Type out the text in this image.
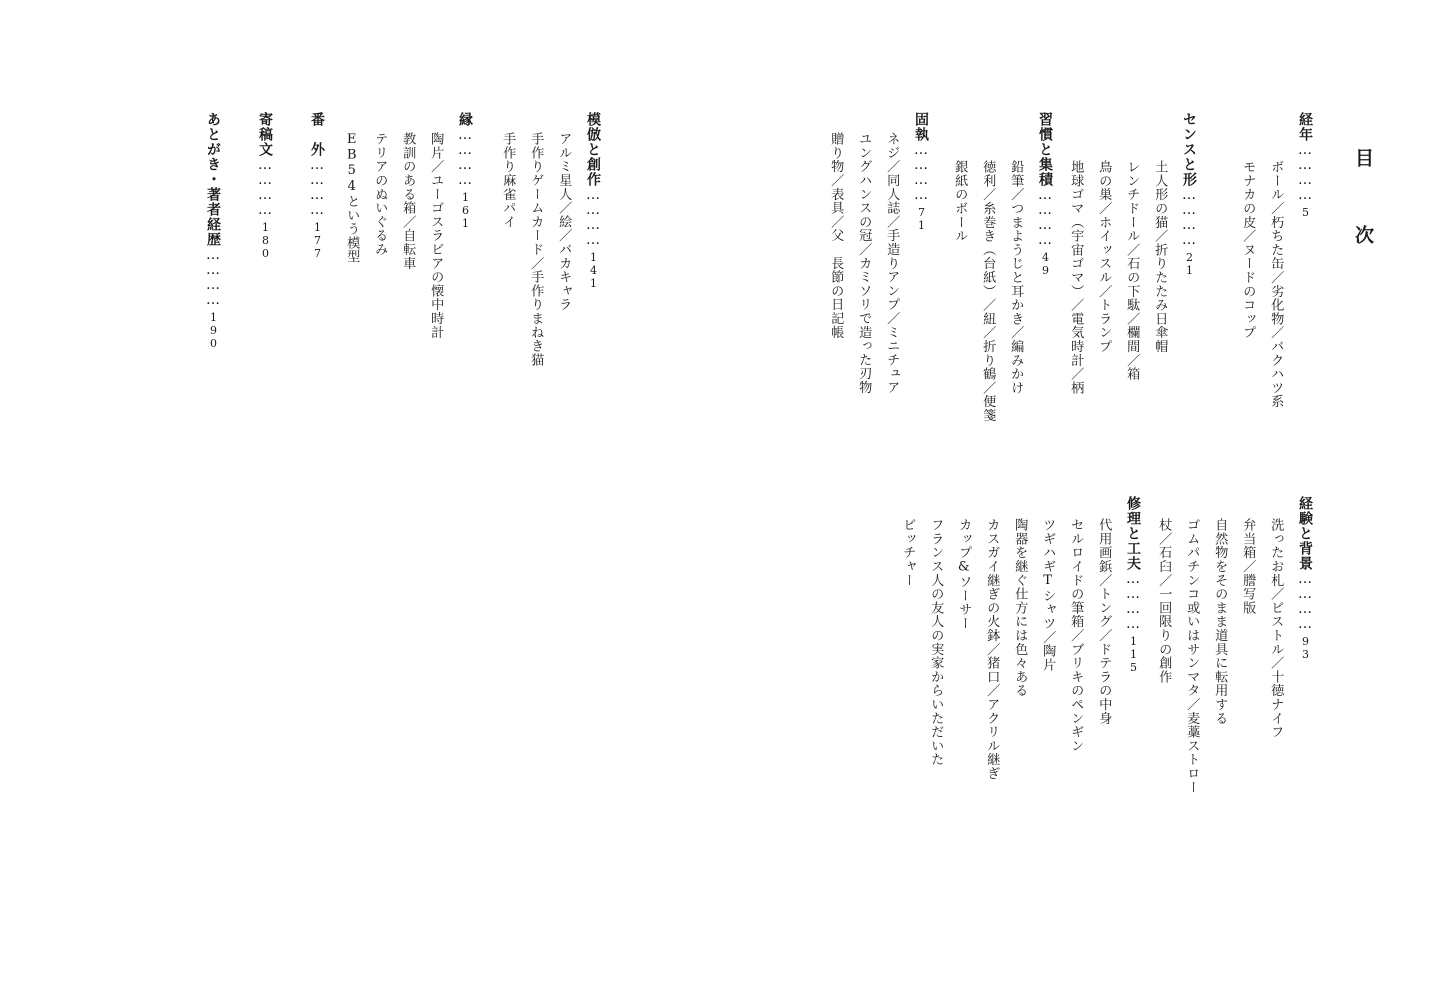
目 次
経年…………5
ボール／朽ちた缶／劣化物／バクハツ系
モナカの皮／ヌードのコップ
センスと形…………21
土人形の猫／折りたたみ日傘帽
レンチドール／石の下駄／欄間／箱
鳥の巣／ホイッスル／トランプ
地球ゴマ（宇宙ゴマ）／電気時計／柄
習慣と集積…………49
鉛筆／つまようじと耳かき／編みかけ
徳利／糸巻き（台紙）／紐／折り鶴／便箋
銀紙のボール
固執…………71
ネジ／同人誌／手造りアンプ／ミニチュア
ユングハンスの冠／カミソリで造った刃物
贈り物／表具／父　長節の日記帳
模倣と創作…………141
アルミ星人／絵／バカキャラ
手作りゲームカード／手作りまねき猫
手作り麻雀パイ
縁…………161
陶片／ユーゴスラビアの懐中時計
教訓のある箱／自転車
テリアのぬいぐるみ
EB54という模型
番　外…………177
寄稿文…………180
あとがき・著者経歴…………190
経験と背景…………93
洗ったお札／ピストル／十徳ナイフ
弁当箱／謄写版
自然物をそのまま道具に転用する
ゴムパチンコ或いはサンマタ／麦藁ストロー
杖／石臼／一回限りの創作
修理と工夫…………115
代用画鋲／トング／ドテラの中身
セルロイドの筆箱／ブリキのペンギン
ツギハギTシャツ／陶片
陶器を継ぐ仕方には色々ある
カスガイ継ぎの火鉢／猪口／アクリル継ぎ
カップ&ソーサー
フランス人の友人の実家からいただいた
ピッチャー
